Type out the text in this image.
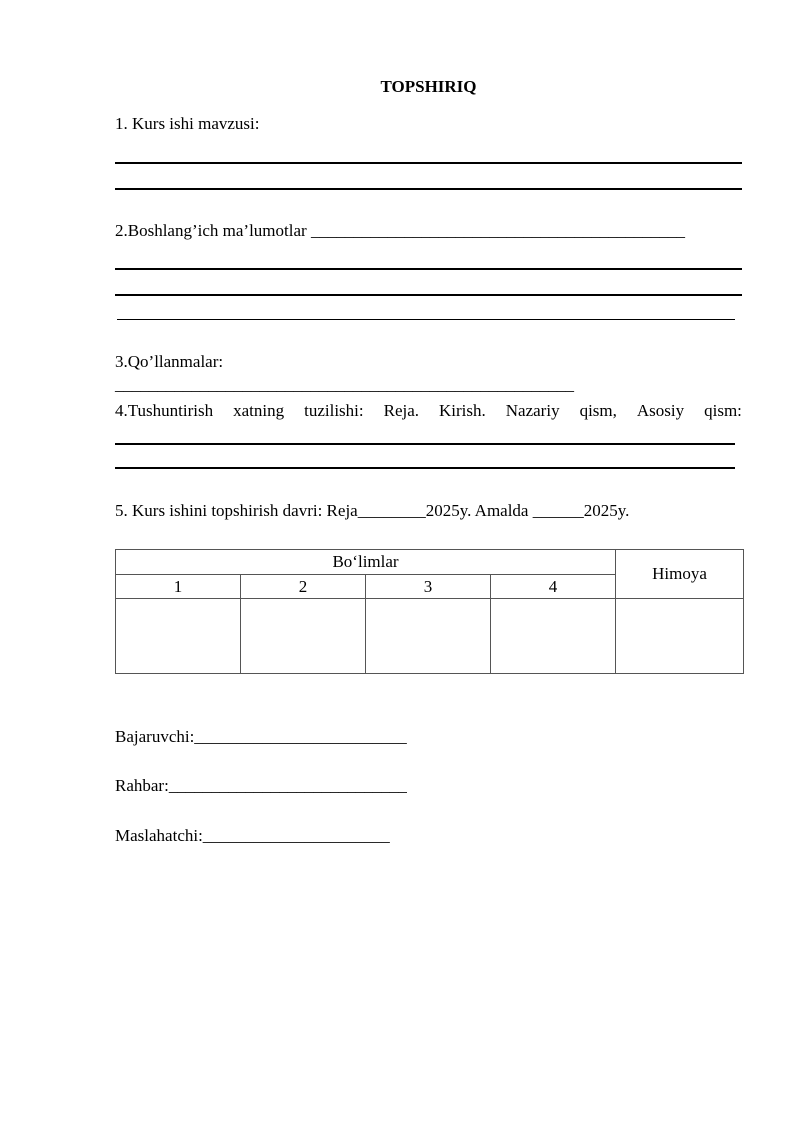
TOPSHIRIQ
1. Kurs ishi mavzusi:
2.Boshlang’ich ma’lumotlar ____________________________________________
3.Qo’llanmalar:
______________________________________________________
4.Tushuntirish xatning tuzilishi: Reja. Kirish. Nazariy qism, Asosiy qism:
5. Kurs ishini topshirish davri: Reja________2025y. Amalda ______2025y.
Bo‘limlar				Himoya
1	2	3	4	

Bajaruvchi:_________________________
Rahbar:____________________________
Maslahatchi:______________________
